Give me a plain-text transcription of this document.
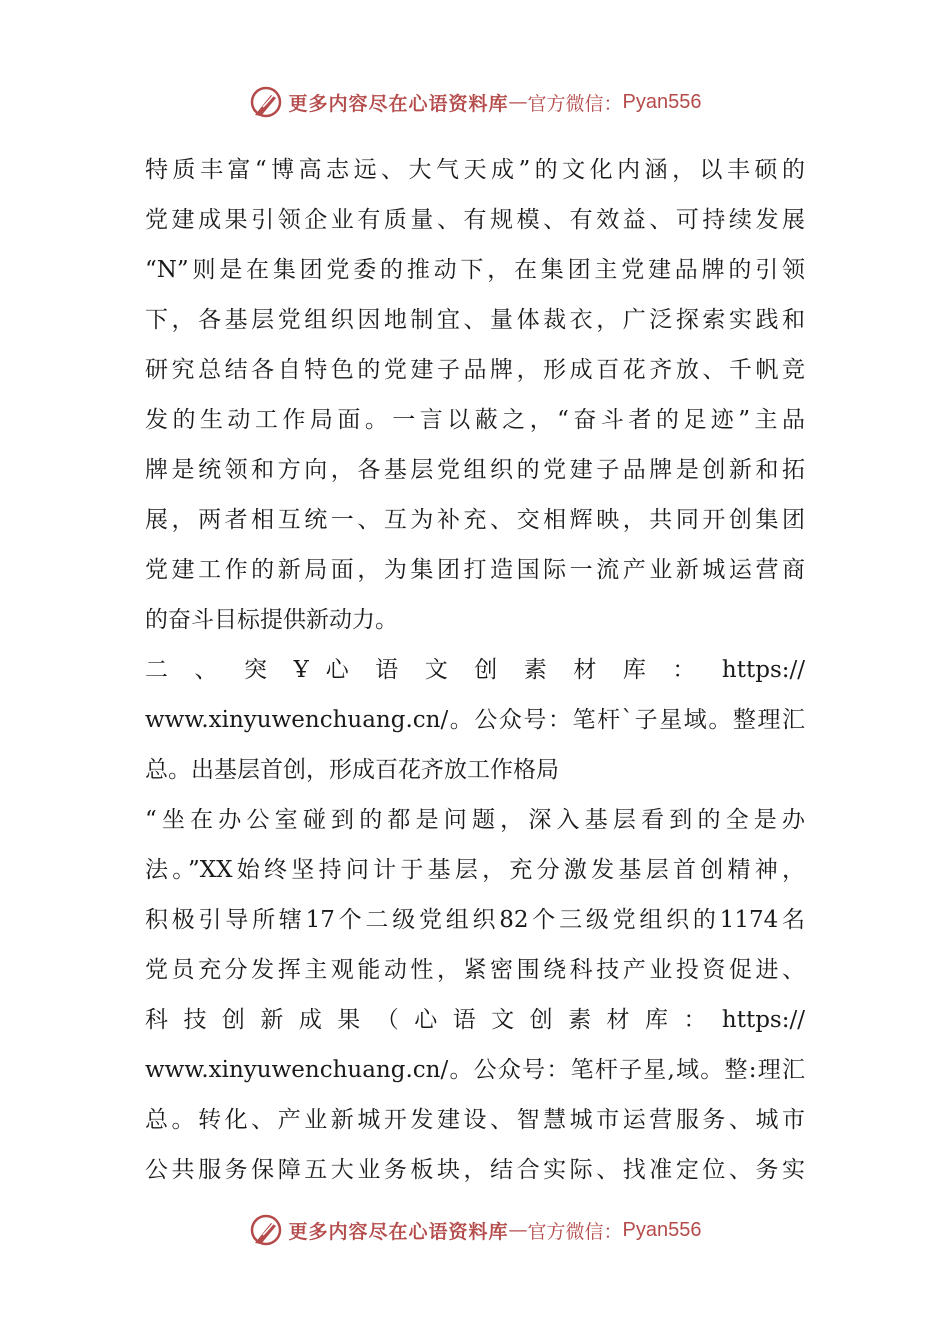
更多内容尽在心语资料库 — 官方微信： Pyan556
特质丰富“博高志远、大气天成”的文化内涵，以丰硕的
党建成果引领企业有质量、有规模、有效益、可持续发展
“N”则是在集团党委的推动下，在集团主党建品牌的引领
下，各基层党组织因地制宜、量体裁衣，广泛探索实践和
研究总结各自特色的党建子品牌，形成百花齐放、千帆竞
发的生动工作局面。一言以蔽之，“奋斗者的足迹”主品
牌是统领和方向，各基层党组织的党建子品牌是创新和拓
展，两者相互统一、互为补充、交相辉映，共同开创集团
党建工作的新局面，为集团打造国际一流产业新城运营商
的奋斗目标提供新动力。
二 、 突 Ұ 心 语 文 创 素 材 库 ： https://
www.xinyuwenchuang.cn/。公众号：笔杆`子星域。整理汇
总。出基层首创，形成百花齐放工作格局
“坐在办公室碰到的都是问题，深入基层看到的全是办
法。”XX始终坚持问计于基层，充分激发基层首创精神，
积极引导所辖17个二级党组织82个三级党组织的1174名
党员充分发挥主观能动性，紧密围绕科技产业投资促进、
科 技 创 新 成 果 （ 心 语 文 创 素 材 库 ： https://
www.xinyuwenchuang.cn/。公众号：笔杆子星,域。整:理汇
总。转化、产业新城开发建设、智慧城市运营服务、城市
公共服务保障五大业务板块，结合实际、找准定位、务实
更多内容尽在心语资料库 — 官方微信： Pyan556
